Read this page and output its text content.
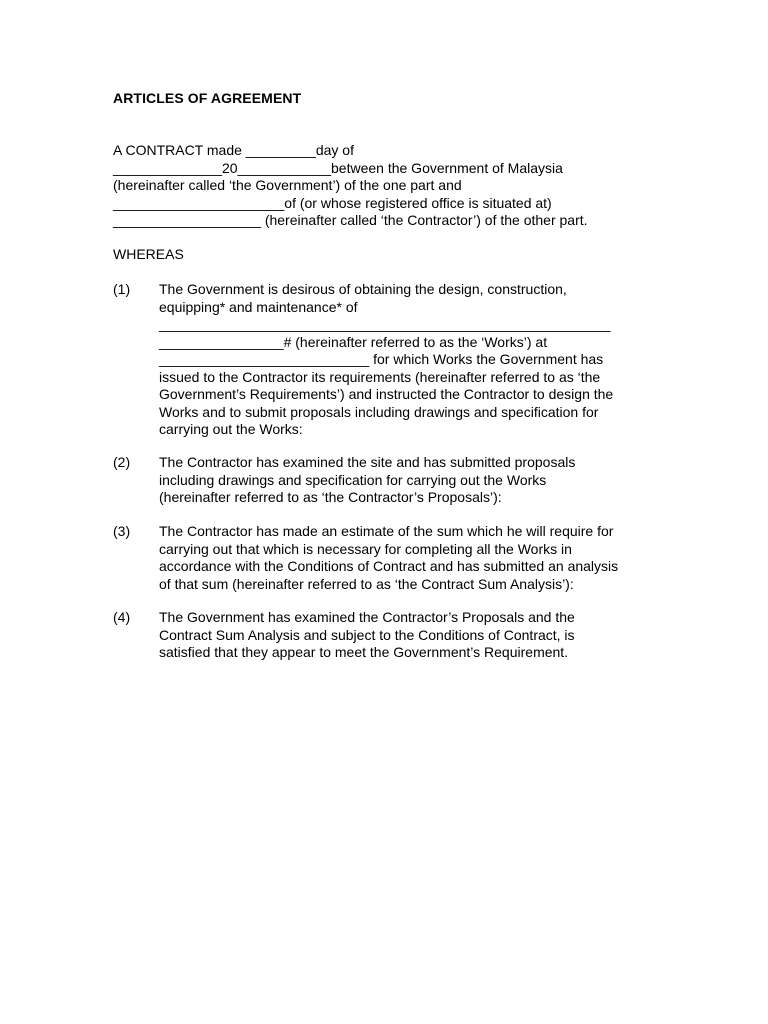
ARTICLES OF AGREEMENT
A CONTRACT made _________day of
______________20____________between the Government of Malaysia
(hereinafter called ‘the Government’) of the one part and
______________________of (or whose registered office is situated at)
___________________ (hereinafter called ‘the Contractor’) of the other part.
WHEREAS
(1) The Government is desirous of obtaining the design, construction,
equipping* and maintenance* of
__________________________________________________________
________________# (hereinafter referred to as the ‘Works’) at
___________________________ for which Works the Government has
issued to the Contractor its requirements (hereinafter referred to as ‘the
Government’s Requirements’) and instructed the Contractor to design the
Works and to submit proposals including drawings and specification for
carrying out the Works:
(2) The Contractor has examined the site and has submitted proposals
including drawings and specification for carrying out the Works
(hereinafter referred to as ‘the Contractor’s Proposals’):
(3) The Contractor has made an estimate of the sum which he will require for
carrying out that which is necessary for completing all the Works in
accordance with the Conditions of Contract and has submitted an analysis
of that sum (hereinafter referred to as ‘the Contract Sum Analysis’):
(4) The Government has examined the Contractor’s Proposals and the
Contract Sum Analysis and subject to the Conditions of Contract, is
satisfied that they appear to meet the Government’s Requirement.
